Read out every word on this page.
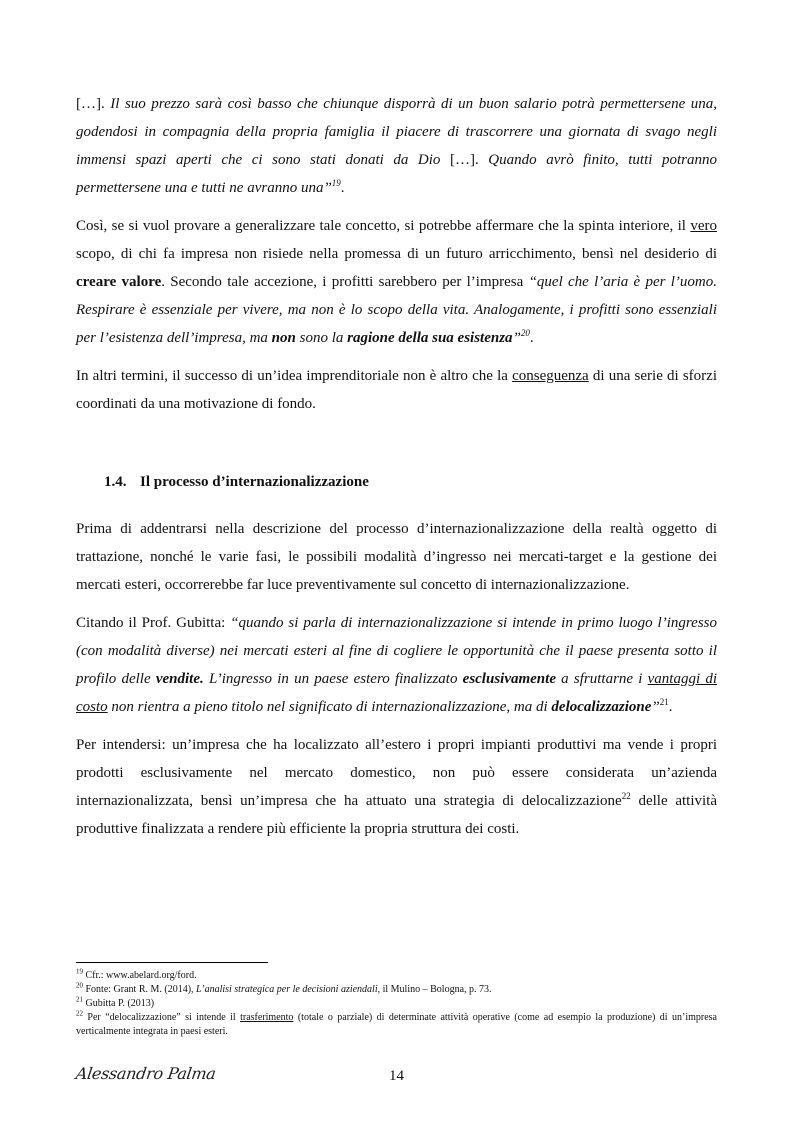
[…]. Il suo prezzo sarà così basso che chiunque disporrà di un buon salario potrà permettersene una, godendosi in compagnia della propria famiglia il piacere di trascorrere una giornata di svago negli immensi spazi aperti che ci sono stati donati da Dio […]. Quando avrò finito, tutti potranno permettersene una e tutti ne avranno una”$^{19}$.

Così, se si vuol provare a generalizzare tale concetto, si potrebbe affermare che la spinta interiore, il vero scopo, di chi fa impresa non risiede nella promessa di un futuro arricchimento, bensì nel desiderio di creare valore. Secondo tale accezione, i profitti sarebbero per l’impresa “quel che l’aria è per l’uomo. Respirare è essenziale per vivere, ma non è lo scopo della vita. Analogamente, i profitti sono essenziali per l’esistenza dell’impresa, ma non sono la ragione della sua esistenza”$^{20}$.

In altri termini, il successo di un’idea imprenditoriale non è altro che la conseguenza di una serie di sforzi coordinati da una motivazione di fondo.

1.4. Il processo d’internazionalizzazione

Prima di addentrarsi nella descrizione del processo d’internazionalizzazione della realtà oggetto di trattazione, nonché le varie fasi, le possibili modalità d’ingresso nei mercati-target e la gestione dei mercati esteri, occorrerebbe far luce preventivamente sul concetto di internazionalizzazione.

Citando il Prof. Gubitta: “quando si parla di internazionalizzazione si intende in primo luogo l’ingresso (con modalità diverse) nei mercati esteri al fine di cogliere le opportunità che il paese presenta sotto il profilo delle vendite. L’ingresso in un paese estero finalizzato esclusivamente a sfruttarne i vantaggi di costo non rientra a pieno titolo nel significato di internazionalizzazione, ma di delocalizzazione”$^{21}$.

Per intendersi: un’impresa che ha localizzato all’estero i propri impianti produttivi ma vende i propri prodotti esclusivamente nel mercato domestico, non può essere considerata un’azienda internazionalizzata, bensì un’impresa che ha attuato una strategia di delocalizzazione$^{22}$ delle attività produttive finalizzata a rendere più efficiente la propria struttura dei costi.

$^{19}$ Cfr.: www.abelard.org/ford.

$^{20}$ Fonte: Grant R. M. (2014), L’analisi strategica per le decisioni aziendali, il Mulino – Bologna, p. 73.

$^{21}$ Gubitta P. (2013)

$^{22}$ Per “delocalizzazione” si intende il trasferimento (totale o parziale) di determinate attività operative (come ad esempio la produzione) di un’impresa verticalmente integrata in paesi esteri.

Alessandro Palma	14
